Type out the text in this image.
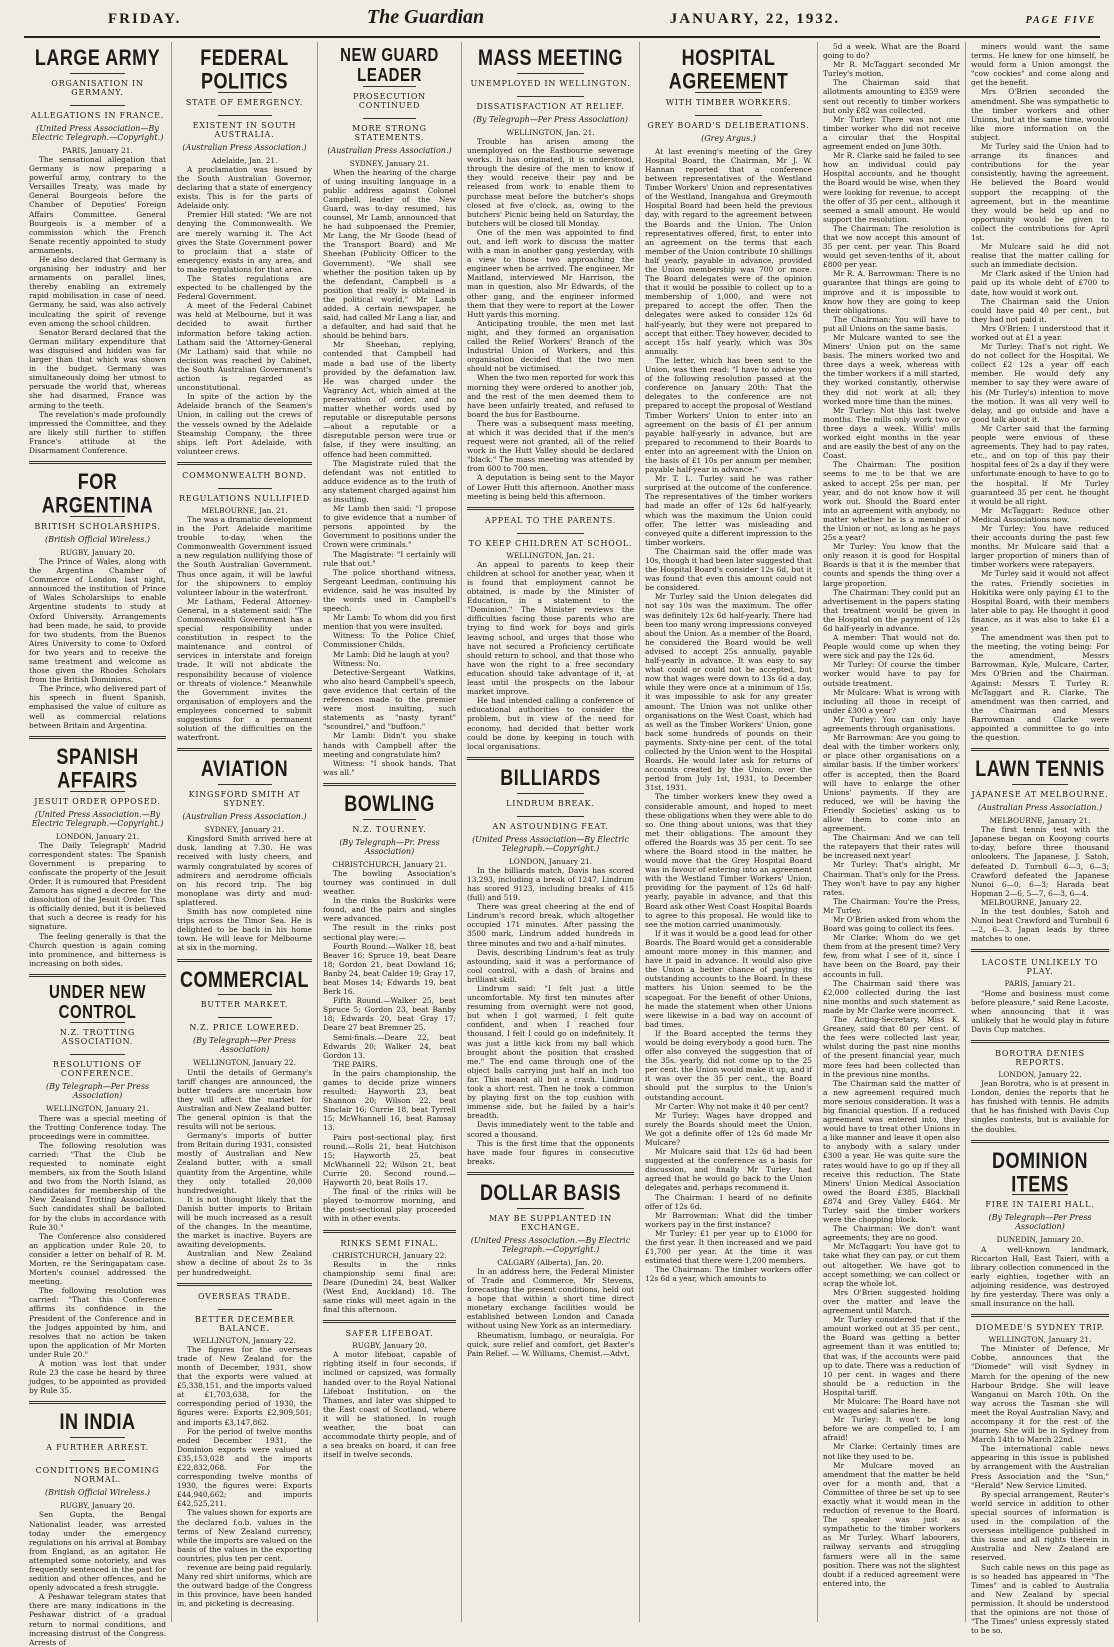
FRIDAY.	The Guardian	JANUARY, 22, 1932.	PAGE FIVE
LARGE ARMY
ORGANISATION IN GERMANY.
ALLEGATIONS IN FRANCE.
(United Press Association—By Electric Telegraph.—Copyright.)

PARIS, January 21.

The sensational allegation that Germany is now preparing a powerful army, contrary to the Versailles Treaty, was made by General Bourgeois before the Chamber of Deputies' Foreign Affairs Committee. General Bourgeois is a member of a commission which the French Senate recently appointed to study armaments.

He also declared that Germany is organising her industry and her armaments on parallel lines, thereby enabling an extremely rapid mobilisation in case of need. Germany, he said, was also actively inculcating the spirit of revenge even among the school children.

Senator Berard declared that the German military expenditure that was disguised and hidden was far larger than that which was shown in the budget. Germany was simultaneously doing her utmost to persuade the world that, whereas she had disarmed, France was arming to the teeth.

The revelation's made profoundly impressed the Committee, and they are likely still further to stiffen France's attitude at the Disarmament Conference.

FOR ARGENTINA
BRITISH SCHOLARSHIPS.
(British Official Wireless.)

RUGBY, January 20.

The Prince of Wales, along with the Argentina Chamber of Commerce of London, last night, announced the institution of Prince of Wales Scholarships to enable Argentine students to study at Oxford University. Arrangements had been made, he said, to provide for two students, from the Buenos Aires University to come to Oxford for two years and to receive the same treatment and welcome as those given the Rhodes Scholars from the British Dominions.

The Prince, who delivered part of his speech in fluent Spanish, emphasised the value of culture as well as commercial relations between Britain and Argentina.

SPANISH AFFAIRS
JESUIT ORDER OPPOSED.
(United Press Association.—By Electric Telegraph.—Copyright.)

LONDON, January 21.

The Daily Telegraph' Madrid correspondent states: The Spanish Government is preparing to confiscate the property of the Jesuit Order. It is rumoured that President Zamora has signed a decree for the dissolution of the Jesuit Order. This is officially denied, but it is believed that such a decree is ready for his signature.

The feeling generally is that the Church question is again coming into prominence, and bitterness is increasing on both sides.

UNDER NEW CONTROL
N.Z. TROTTING ASSOCIATION.
RESOLUTIONS OF CONFERENCE.
(By Telegraph—Per Press Association)

WELLINGTON, January 21.

There was a special meeting of the Trotting Conference today. The proceedings were in committee.

The following resolution was carried: "That the Club be requested to nominate eight members, six from the South Island and two from the North Island, as candidates for membership of the New Zealand Trotting Association. Such candidates shall be balloted for by the clubs in accordance with Rule 30."

The Conference also considered an application under Rule 20, to consider a letter on behalf of R. M. Morten, re the Seringapatam case. Morten's counsel addressed the meeting.

The following resolution was carried: "That this Conference affirms its confidence in the President of the Conference and in the Judges appointed by him, and resolves that no action be taken upon the application of Mr Morten under Rule 20."

A motion was lost that under Rule 23 the case be heard by three judges, to be appointed as provided by Rule 35.

IN INDIA
A FURTHER ARREST.
CONDITIONS BECOMING NORMAL.
(British Official Wireless.)

RUGBY, January 20.

Sen Gupta, the Bengal Nationalist leader, was arrested today under the emergency regulations on his arrival at Bombay from England, as an agitator. He attempted some notoriety, and was frequently sentenced in the past for sedition and other offences, and he openly advocated a fresh struggle.

A Peshawar telegram states that there are many indications in the Peshawar district of a gradual return to normal conditions, and increasing distrust of the Congress. Arrests of

FEDERAL POLITICS
STATE OF EMERGENCY.
EXISTENT IN SOUTH AUSTRALIA.
(Australian Press Association.)

Adelaide, Jan. 21.

A proclamation was issued by the South Australian Governor, declaring that a state of emergency exists. This is for the parts of Adelaide only.

Premier Hill stated: "We are not denying the Commonwealth. We are merely warning it. The Act gives the State Government power to proclaim that a state of emergency exists in any area, and to make regulations for that area.

The States regulations are expected to be challenged by the Federal Government.

A meet of the Federal Cabinet was held at Melbourne, but it was decided to await further information before taking action. Latham said the 'Attorney-General (Mr Latham) said that while no decision was reached by Cabinet, the South Australian Government's action is regarded as unconstitutional.

In spite of the action by the Adelaide branch of the Seamen's Union, in calling out the crews of the vessels owned by the Adelaide Steamship Company, the three ships left Port Adelaide, with volunteer crews.

COMMONWEALTH BOND.
REGULATIONS NULLIFIED

MELBOURNE, Jan. 21.

The was a dramatic development in the Port Adelaide maritime trouble to-day, when the Commonwealth Government issued a new regulation nullifying those of the South Australian Government. Thus once again, it will be lawful for the shipowners to employ volunteer labour in the waterfront.

Mr Latham, Federal Attorney-General, in a statement said: "The Commonwealth Government has a special responsibility under constitution in respect to the maintenance and control of services in interstate and foreign trade. It will not abdicate the responsibility because of violence or threats of violence." Meanwhile the Government invites the organisation of employers and the employees concerned to submit suggestions for a permanent solution of the difficulties on the waterfront.

AVIATION
KINGSFORD SMITH AT SYDNEY.
(Australian Press Association.)

SYDNEY, January 21.

Kingsford Smith arrived here at dusk, landing at 7.30. He was received with lusty cheers, and warmly congratulated by scores of admirers and aerodrome officials on his record trip. The big monoplane was dirty and mud-splattered.

Smith has now completed nine trips across the Timor Sea. He is delighted to be back in his home town. He will leave for Melbourne at six in the morning.

COMMERCIAL
BUTTER MARKET.
N.Z. PRICE LOWERED.
(By Telegraph—Per Press Association)

WELLINGTON, January 22.

Until the details of Germany's tariff changes are announced, the butter traders are uncertain how they will affect the market for Australian and New Zealand butter. The general opinion is that the results will not be serious.

Germany's imports of butter from Britain during 1931, consisted mostly of Australian and New Zealand butter, with a small quantity from the Argentine, while they only totalled 20,000 hundredweight.

It is not thought likely that the Danish butter imports to Britain will be much increased as a result of the changes. In the meantime, the market is inactive. Buyers are awaiting developments.

Australian and New Zealand show a decline of about 2s to 3s per hundredweight.

OVERSEAS TRADE.
BETTER DECEMBER BALANCE.

WELLINGTON, January 22.

The figures for the overseas trade of New Zealand for the month of December, 1931, show that the exports were valued at £5,338,151, and the imports valued at £1,703,638, for the corresponding period of 1930, the figures were: Exports £2,909,501; and imports £3,147,862.

For the period of twelve months ended December 1931, the Dominion exports were valued at £35,153,028 and the imports £22,832,068. For the corresponding twelve months of 1930, the figures were: Exports £44,940,662; and imports £42,525,211.

The values shown for exports are the declared f.o.b. values in the terms of New Zealand currency, while the imports are valued on the basis of the values in the exporting countries, plus ten per cent.

revenue are being paid regularly. Many red shirt uniforms, which are the outward badge of the Congress in this province, have been handed in, and picketing is decreasing.

NEW GUARD LEADER
PROSECUTION CONTINUED
MORE STRONG STATEMENTS.
(Australian Press Association.)

SYDNEY, January 21.

When the hearing of the charge of using insulting language in a public address against Colonel Campbell, leader of the New Guard, was to-day resumed, his counsel, Mr Lamb, announced that he had subpoenaed the Premier, Mr Lang, the Mr Goode (head of the Transport Board) and Mr Sheehan (Publicity Officer to the Government). "We shall see whether the position taken up by the defendant, Campbell is a position that really is obtained in the political world," Mr Lamb added. A certain newspaper, he said, had called Mr Lang a liar, and a defaulter, and had said that he should be behind bars.

Mr Sheehan, replying, contended that Campbell had made a bad use of the liberty provided by the defamation law. He was charged under the Vagrancy Act, which aimed at the preservation of order, and no matter whether words used by reputable or disreputable persons—about a reputable or a disreputable person were true or false, if they were insulting, an offence had been committed.

The Magistrate ruled that the defendant was not entitled to adduce evidence as to the truth of any statement charged against him as insulting.

Mr Lamb then said: "I propose to give evidence that a number of persons appointed by the Government to positions under the Crown were criminals."

The Magistrate: "I certainly will rule that out."

The police shorthand witness, Sergeant Leedman, continuing his evidence, said he was insulted by the words used in Campbell's speech.

Mr Lamb: To whom did you first mention that you were insulted.

Witness: To the Police Chief, Commissioner Childs.

Mr Lamb: Did he laugh at you?

Witness: No.

Detective-Sergeant Watkins, who also heard Campbell's speech, gave evidence that certain of the references made to the premier were most insulting, such statements as "nasty tyrant" "scoundrel," and "buffoon."

Mr Lamb: Didn't you shake hands with Campbell after the meeting and congratulate him?

Witness: "I shook hands. That was all."

BOWLING
N.Z. TOURNEY.
(By Telegraph—Pr. Press Association)

CHRISTCHURCH, January 21.

The bowling Association's tourney was continued in dull weather.

In the rinks the Buskirks were found, and the pairs and singles were advanced.

The result in the rinks post sectional play were:—

Fourth Round.—Walker 18, beat Beaver 16; Spruce 19, beat Deare 18; Gordon 21, beat Dowland 16; Banby 24, beat Calder 19; Gray 17, beat Moses 14; Edwards 19, beat Berk 16.

Fifth Round.—Walker 25, beat Spruce 5; Gordon 23, beat Banby 18; Edwards 20, beat Gray 17; Deare 27 beat Bremner 25.

Semi-finals.—Deare 22, beat Edwards 20; Walker 24, beat Gordon 13.

THE PAIRS.

In the pairs championship, the games to decide prize winners resulted: Hayworth 23, beat Shannon 20; Wilson 22, beat Sinclair 16; Currie 18, beat Tyrrell 15; McWhannell 16, beat Ramsay 13.

Pairs post-sectional play, first round.—Rolls 21, beat Hutchison 15; Hayworth 25, beat McWhannell 22; Wilson 21, beat Currie 20. Second round.—Hayworth 20, beat Rolls 17.

The final of the rinks will be played to-morrow morning, and the post-sectional play proceeded with in other events.

RINKS SEMI FINAL.

CHRISTCHURCH, January 22.

Results in the rinks championship semi final are: Deare (Dunedin) 24, beat Walker (West End, Auckland) 18. The same rinks will meet again in the final this afternoon.

SAFER LIFEBOAT.

RUGBY, January 20.

A motor lifeboat, capable of righting itself in four seconds, if inclined or capsized, was formally handed over to the Royal National Lifeboat Institution, on the Thames, and later was shipped to the East coast of Scotland, where it will be stationed. In rough weather, the boat can accommodate thirty people, and of a sea breaks on board, it can free itself in twelve seconds.

MASS MEETING
UNEMPLOYED IN WELLINGTON.
DISSATISFACTION AT RELIEF.
(By Telegraph—Per Press Association)

WELLINGTON, Jan. 21.

Trouble has arisen among the unemployed on the Eastbourne sewerage works. It has originated, it is understood, through the desire of the men to know if they would receive their pay and be released from work to enable them to purchase meat before the butcher's shops closed at five o'clock, as, owing to the butchers' Picnic being held on Saturday, the butchers will be closed till Monday.

One of the men was appointed to find out, and left work to discuss the matter with a man in another gang yesterday, with a view to those two approaching the engineer when he arrived. The engineer, Mr Maitland, interviewed Mr Harrison, the man in question, also Mr Edwards, of the other gang, and the engineer informed them that they were to report at the Lower Hutt yards this morning.

Anticipating trouble, the men met last night, and they formed an organisation called the Relief Workers' Branch of the Industrial Union of Workers, and this organisation decided that the two men should not be victimised.

When the two men reported for work this morning they were ordered to another job, and the rest of the men deemed them to have been unfairly treated, and refused to board the bus for Eastbourne.

There was a subsequent mass meeting, at which it was decided that if the men's request were not granted, all of the relief work in the Hutt Valley should be declared "black." The mass meeting was attended by from 600 to 700 men.

A deputation is being sent to the Mayor of Lower Hutt this afternoon. Another mass meeting is being held this afternoon.

APPEAL TO THE PARENTS.
TO KEEP CHILDREN AT SCHOOL.

WELLINGTON, Jan. 21.

An appeal to parents to keep their children at school for another year, when it is found that employment cannot be obtained, is made by the Minister of Education, in a statement to the "Dominion." The Minister reviews the difficulties facing those parents who are trying to find work for boys and girls leaving school, and urges that those who have not secured a Proficiency certificate should return to school, and that those who have won the right to a free secondary education should take advantage of it, at least until the prospects on the labour market improve.

He had intended calling a conference of educational authorities to consider the problem, but in view of the need for economy, had decided that better work could be done by keeping in touch with local organisations.

BILLIARDS
LINDRUM BREAK.
AN ASTOUNDING FEAT.
(United Press Association—By Electric Telegraph.—Copyright.)

LONDON, January 21.

In the billiards match, Davis has scored 13,293, including a break of 1247. Lindrum has scored 9123, including breaks of 415 (full) and 519.

There was great cheering at the end of Lindrum's record break, which altogether occupied 171 minutes. After passing the 3500 mark, Lindrum added hundreds in three minutes and two and a-half minutes.

Davis, describing Lindrum's feat as truly astounding, said it was a performance of cool control, with a dash of brains and brilliant skill.

Lindrum said: "I felt just a little uncomfortable. My first ten minutes after resuming from overnight were not good, but when I got warmed, I felt quite confident, and when I reached four thousand, I felt I could go on indefinitely. It was just a little kick from my ball which brought about the position that crashed me." The end came through one of the object balls carrying just half an inch too far. This meant all but a crash. Lindrum took a short rest. Then he took a common by playing first on the top cushion with immense side, but he failed by a hair's breadth.

Davis immediately went to the table and scored a thousand.

This is the first time that the opponents have made four figures in consecutive breaks.

DOLLAR BASIS
MAY BE SUPPLANTED IN EXCHANGE.
(United Press Association.—By Electric Telegraph.—Copyright.)

CALGARY (Alberta), Jan. 20.

In an address here, the Federal Minister of Trade and Commerce, Mr Stevens, forecasting the present conditions, held out a hope that within a short time direct monetary exchange facilities would be established between London and Canada without using New York as an intermediary.

Rheumatism, lumbago, or neuralgia. For quick, sure relief and comfort, get Baxter's Pain Relief. — W. Williams, Chemist.—Advt.

HOSPITAL AGREEMENT
WITH TIMBER WORKERS.
GREY BOARD'S DELIBERATIONS.
(Grey Argus.)

At last evening's meeting of the Grey Hospital Board, the Chairman, Mr J. W. Hannan reported that a conference between representatives of the Westland Timber Workers' Union and representatives of the Westland, Inangahua and Greymouth Hospital Board had been held the previous day, with regard to the agreement between the Boards and the Union. The Union representatives offered, first, to enter into an agreement on the terms that each member of the Union contribute 10 shillings half yearly, payable in advance, provided the Union membership was 700 or more. The Board delegates were of the opinion that it would be possible to collect up to a membership of 1,000, and were not prepared to accept the offer. Then the delegates were asked to consider 12s 6d half-yearly, but they were not prepared to accept that either. They however, decided to accept 15s half yearly, which was 30s annually.

The letter, which has been sent to the Union, was then read: "I have to advise you of the following resolution passed at the conference on January 20th: That the delegates to the conference are not prepared to accept the proposal of Westland Timber Workers' Union to enter into an agreement on the basis of £1 per annum payable half-yearly in advance, but are prepared to recommend to their Boards to enter into an agreement with the Union on the basis of £1 10s per annum per member, payable half-year in advance."

Mr T. L. Turley said he was rather surprised at the outcome of the conference. The representatives of the timber workers had made an offer of 12s 6d half-yearly, which was the maximum the Union could offer. The letter was misleading and conveyed quite a different impression to the timber workers.

The Chairman said the offer made was 10s, though it had been later suggested that the Hospital Board's consider 12s 6d, but it was found that even this amount could not be considered.

Mr Turley said the Union delegates did not say 10s was the maximum. The offer was definitely 12s 6d half-yearly. There had been too many wrong impressions conveyed about the Union. As a member of the Board, he considered the Board would be well advised to accept 25s annually, payable half-yearly in advance. It was easy to say what could or could not be accepted, but now that wages were down to 13s 6d a day, while they were once at a minimum of 15s, it was impossible to ask for any greater amount. The Union was not unlike other organisations on the West Coast, which had as well as the Timber Workers' Union, gone back some hundreds of pounds on their payments. Sixty-nine per cent. of the total collected by the Union went to the Hospital Boards. He would later ask for returns of accounts created by the Union, over the period from July 1st, 1931, to December 31st, 1931.

The timber workers knew they owed a considerable amount, and hoped to meet these obligations when they were able to do so. One thing about unions, was that they met their obligations. The amount they offered the Boards was 35 per cent. To see where the Board stood in the matter, he would move that the Grey Hospital Board was in favour of entering into an agreement with the Westland Timber Workers' Union, providing for the payment of 12s 6d half-yearly, payable in advance, and that this Board ask other West Coast Hospital Boards to agree to this proposal. He would like to see the motion carried unanimously.

If it was it would be a good lead for other Boards. The Board would get a considerable amount more money in this manner, and have it paid in advance. It would also give the Union a better chance of paying its outstanding accounts to the Board. In these matters his Union seemed to be the scapegoat. For the benefit of other Unions, he made the statement when other Unions were likewise in a bad way on account of bad times.

If the Board accepted the terms they would be doing everybody a good turn. The offer also conveyed the suggestion that of the 35s. yearly, did not come up to the 25 per cent. the Union would make it up, and if it was over the 35 per cent., the Board should put the surplus to the Union's outstanding account.

Mr Carter: Why not make it 40 per cent?

Mr Turley: Wages have dropped and surely the Boards should meet the Union. We got a definite offer of 12s 6d made Mr Mulcare?

Mr Mulcare said that 12s 6d had been suggested at the conference as a basis for discussion, and finally Mr Turley had agreed that he would go back to the Union delegates and, perhaps recommend it.

The Chairman: I heard of no definite offer of 12s 6d.

Mr Barrowman: What did the timber workers pay in the first instance?

Mr Turley: £1 per year up to £1000 for the first year. It then increased and we paid £1,700 per year. At the time it was estimated that there were 1,200 members.

The Chairman: The timber workers offer 12s 6d a year, which amounts to

5d a week. What are the Board going to do?

Mr R. McTaggart seconded Mr Turley's motion.

The Chairman said that allotments amounting to £359 were sent out recently to timber workers but only £82 was collected.

Mr Turley: There was not one timber worker who did not receive a circular that the Hospital agreement ended on June 30th.

Mr R. Clarke said he failed to see how an individual could pay Hospital accounts, and he thought the Board would be wise, when they were looking for revenue, to accept the offer of 35 per cent., although it seemed a small amount. He would support the resolution.

The Chairman: The resolution is that we now accept this amount of 35 per cent. per year. This Board would get seven-tenths of it, about £800 per year.

Mr R. A. Barrowman: There is no guarantee that things are going to improve and it is impossible to know how they are going to keep their obligations.

The Chairman: You will have to put all Unions on the same basis.

Mr Mulcare wanted to see the Miners' Union put on the same basis. The miners worked two and three days a week, whereas with the timber workers if a mill started, they worked constantly, otherwise they did not work at all; they worked more time than the mines.

Mr Turley: Not this last twelve months. The mills only work two or three days a week. Willis' mills worked eight months in the year and are easily the best of any on the Coast.

The Chairman: The position seems to me to be that we are asked to accept 25s per man, per year, and do not know how it will work out. Should the Board enter into an agreement with anybody, no matter whether he is a member of the Union or not, as long as he pays 25s a year?

Mr Turley: You know that the only reason it is good for Hospital Boards is that it is the member that counts and spends the thing over a large proportion.

The Chairman: They could put an advertisement in the papers stating that treatment would be given in the Hospital on the payment of 12s 6d half-yearly in advance.

A member: That would not do. People would come up when they were sick and pay the 12s 6d.

Mr Turley: Of course the timber worker would have to pay for outside treatment.

Mr Mulcare: What is wrong with including all those in receipt of under £300 a year?

Mr Turley: You can only have agreements through organisations.

Mr Barrowman: Are you going to deal with the timber workers only, or place other organisations on a similar basis. If the timber workers' offer is accepted, then the Board will have to enlarge the other Unions' payments. If they are reduced, we will be having the Friendly Societies' asking us to allow them to come into an agreement.

The Chairman: And we can tell the ratepayers that their rates will be increased next year!

Mr Turley: That's alright, Mr Chairman. That's only for the Press. They won't have to pay any higher rates.

The Chairman: You're the Press, Mr Turley.

Mr O'Brien asked from whom the Board was going to collect its fees.

Mr Clarke: Whom do we get them from at the present time? Very few, from what I see of it, since I have been on the Board, pay their accounts in full.

The Chairman said there was £2,000 collected during the last nine months and such statement as made by Mr Clarke were incorrect.

The Acting-Secretary, Miss K. Greaney, said that 80 per cent. of the fees were collected last year, whilst during the past nine months of the present financial year, much more fees had been collected than in the previous nine months.

The Chairman said the matter of a new agreement required much more serious consideration. It was a big financial question. If a reduced agreement was entered into, they would have to treat other Unions in a like manner and leave it open also to anybody with a salary under £300 a year. He was quite sure the rates would have to go up if they all receive this reduction. The State Miners' Union Medical Association owed the Board £385, Blackball £874 and Grey Valley £464. Mr Turley said the timber workers were the chopping block.

The Chairman: We don't want agreements; they are no good.

Mr McTaggart: You have got to take what they can pay, or cut them out altogether. We have got to accept something; we can collect or scrap the whole lot.

Mrs O'Brien suggested holding over the matter and leave the agreement until March.

Mr Turley considered that if the amount worked out at 35 per cent., the Board was getting a better agreement than it was entitled to; that was, if the accounts were paid up to date. There was a reduction of 10 per cent. in wages and there should be a reduction in the Hospital tariff.

Mr Mulcare: The Board have not cut wages and salaries here.

Mr Turley: It won't be long before we are compelled to, I am afraid!

Mr Clarke: Certainly times are not like they used to be.

Mr Mulcare moved an amendment that the matter be held over for a month and, that a Committee of three be set up to see exactly what it would mean in the reduction of revenue to the Board. The speaker was just as sympathetic to the timber workers as Mr Turley. Wharf labourers, railway servants and struggling farmers were all in the same position. There was not the slightest doubt if a reduced agreement were entered into, the

miners would want the same terms. He knew for one himself, he would form a Union amongst the "cow cockies" and come along and get the benefit.

Mrs O'Brien seconded the amendment. She was sympathetic to the timber workers and other Unions, but at the same time, would like more information on the subject.

Mr Turley said the Union had to arrange its finances and contributions for the year consistently, having the agreement. He believed the Board would support the recapping of the agreement, but in the meantime they would be held up and no opportunity would be given to collect the contributions for April 1st.

Mr Mulcare said he did not realise that the matter calling for such an immediate decision.

Mr Clark asked if the Union had paid up its whole debt of £700 to date, how would it work out.

The Chairman said the Union could have paid 40 per cent., but they had not paid it.

Mrs O'Brien: I understood that it worked out at £1 a year.

Mr Turley: That's not right. We do not collect for the Hospital. We collect £2 12s a year off each member. He would defy any member to say they were aware of his (Mr Turley's) intention to move the motion. It was all very well to delay, and go outside and have a good talk about it.

Mr Carter said that the farming people were envious of these agreements. They had to pay rates, etc., and on top of this pay their hospital fees of 2s a day if they were unfortunate enough to have to go to the hospital. If Mr Turley guaranteed 35 per cent. he thought it would be all right.

Mr McTaggart: Reduce other Medical Associations now.

Mr Turley: You have reduced their accounts during the past few months. Mr Mulcare said that a larger proportion of miners than of timber workers were ratepayers.

Mr Turley said it would not affect the rates. Friendly societies in Hokitika were only paying £1 to the Hospital Board, with their members later able to pay. He thought it good finance, as it was also to take £1 a year.

The amendment was then put to the meeting, the voting being: For the amendment, Messrs Barrowman, Kyle, Mulcare, Carter, Mrs O'Brien and the Chairman. Against: Messrs T. Turley R. McTaggart and R. Clarke. The amendment was then carried, and the Chairman and Messrs Barrowman and Clarke were appointed a committee to go into the question.

LAWN TENNIS
JAPANESE AT MELBOURNE.
(Australian Press Association.)

MELBOURNE, January 21.

The first tennis test with the Japanese began on Kooyong courts to-day, before three thousand onlookers. The Japanese, J. Satoh, defeated D. Turnbull 6—3, 6—3; Crawford defeated the Japanese Nunoi 6—0, 6—3; Harada beat Hopman 2—6, 5—7, 6—3, 6—4.

MELBOURNE, January 22.

In the test doubles, Satoh and Nunoi beat Crawford and Turnbull 6—2, 6—3. Japan leads by three matches to one.

LACOSTE UNLIKELY TO PLAY.

PARIS, January 21.

"Home and business must come before pleasure," said Rene Lacoste, when announcing that it was unlikely that he would play in future Davis Cup matches.

BOROTRA DENIES REPORTS.

LONDON, January 22.

Jean Borotra, who is at present in London, denies the reports that he has finished with tennis. He admits that he has finished with Davis Cup singles contests, but is available for the doubles.

DOMINION ITEMS
FIRE IN TAIERI HALL.
(By Telegraph—Per Press Association)

DUNEDIN, January 20.

A well-known landmark, Riccarton Hall, East Taieri, with a library collection commenced in the early eighties, together with an adjoining residence, was destroyed by fire yesterday. There was only a small insurance on the hall.

DIOMEDE'S SYDNEY TRIP.

WELLINGTON, January 21.

The Minister of Defence, Mr Cobbe, announces that the "Diomede" will visit Sydney in March for the opening of the new Harbour Bridge. She will leave Wanganui on March 10th. On the way across the Tasman she will meet the Royal Australian Navy, and accompany it for the rest of the journey. She will be in Sydney from March 14th to March 22nd.

The international cable news appearing in this issue is published by arrangement with the Australian Press Association and the "Sun," "Herald" New Service Limited.

By special arrangement, Reuter's world service in addition to other special sources of information is used in the compilation of the overseas intelligence published in this issue and all rights therein in Australia and New Zealand are reserved.

Such cable news on this page as is so headed has appeared in "The Times" and is cabled to Australia and New Zealand by special permission. It should be understood that the opinions are not those of "The Times" unless expressly stated to be so.
